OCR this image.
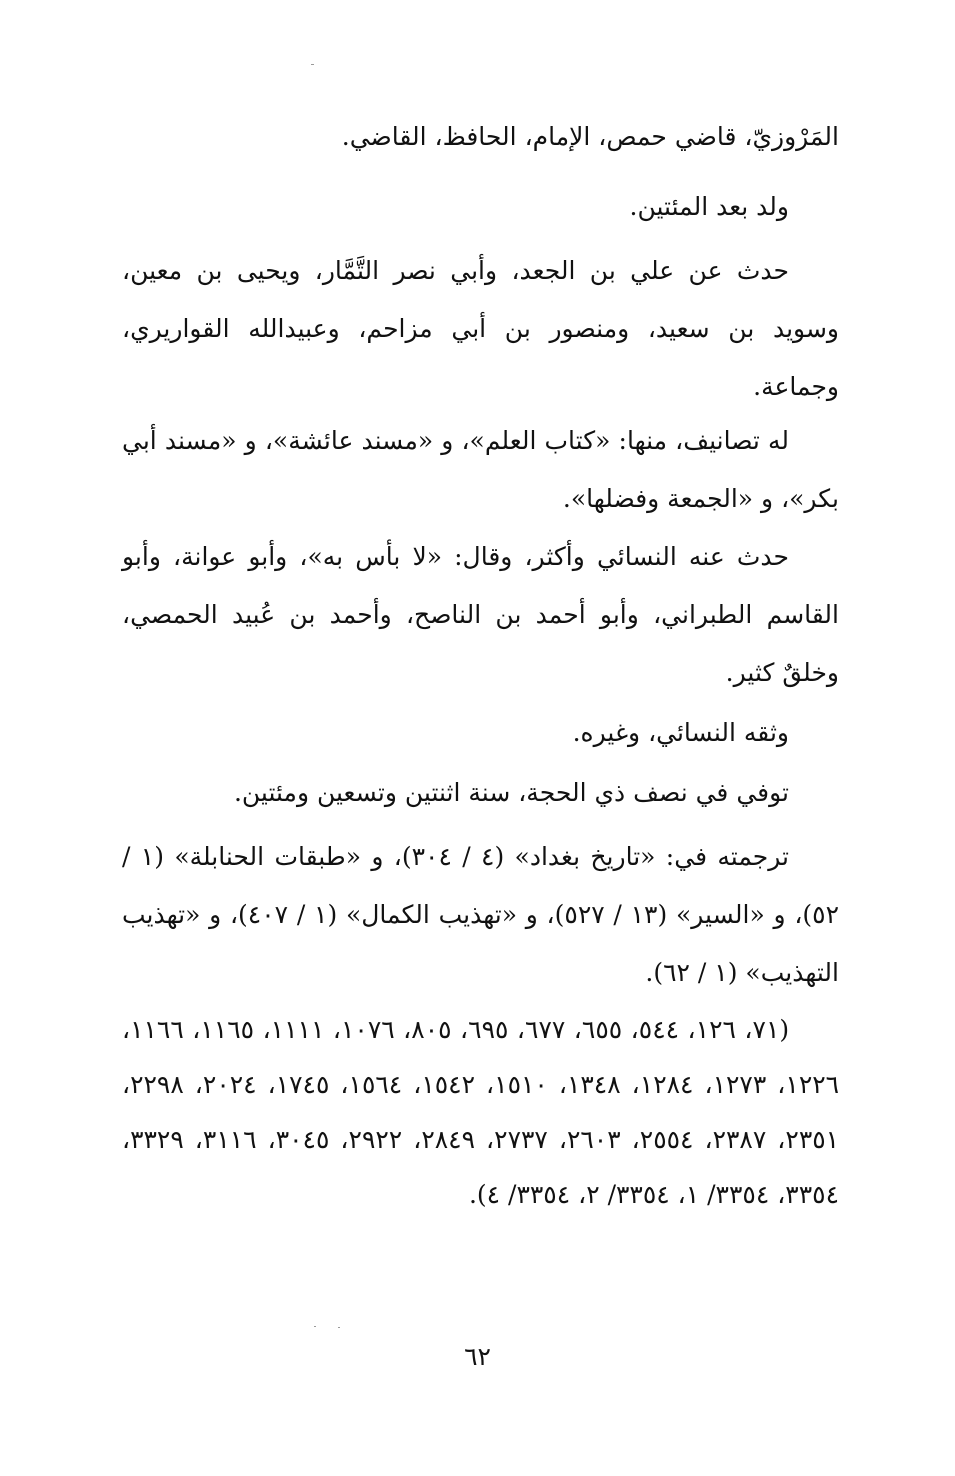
المَرْوزيّ، قاضي حمص، الإمام، الحافظ، القاضي.

ولد بعد المئتين.

حدث عن علي بن الجعد، وأبي نصر التَّمَّار، ويحيى بن معين، وسويد بن سعيد، ومنصور بن أبي مزاحم، وعبيدالله القواريري، وجماعة.

له تصانيف، منها: «كتاب العلم»، و «مسند عائشة»، و «مسند أبي بكر»، و «الجمعة وفضلها».

حدث عنه النسائي وأكثر، وقال: «لا بأس به»، وأبو عوانة، وأبو القاسم الطبراني، وأبو أحمد بن الناصح، وأحمد بن عُبيد الحمصي، وخلقٌ كثير.

وثقه النسائي، وغيره.

توفي في نصف ذي الحجة، سنة اثنتين وتسعين ومئتين.

ترجمته في: «تاريخ بغداد» (٤ / ٣٠٤)، و «طبقات الحنابلة» (١ / ٥٢)، و «السير» (١٣ / ٥٢٧)، و «تهذيب الكمال» (١ / ٤٠٧)، و «تهذيب التهذيب» (١ / ٦٢).

(٧١، ١٢٦، ٥٤٤، ٦٥٥، ٦٧٧، ٦٩٥، ٨٠٥، ١٠٧٦، ١١١١، ١١٦٥، ١١٦٦، ١٢٢٦، ١٢٧٣، ١٢٨٤، ١٣٤٨، ١٥١٠، ١٥٤٢، ١٥٦٤، ١٧٤٥، ٢٠٢٤، ٢٢٩٨، ٢٣٥١، ٢٣٨٧، ٢٥٥٤، ٢٦٠٣، ٢٧٣٧، ٢٨٤٩، ٢٩٢٢، ٣٠٤٥، ٣١١٦، ٣٣٢٩، ٣٣٥٤، ٣٣٥٤/ ١، ٣٣٥٤/ ٢، ٣٣٥٤/ ٤).

٦٢
